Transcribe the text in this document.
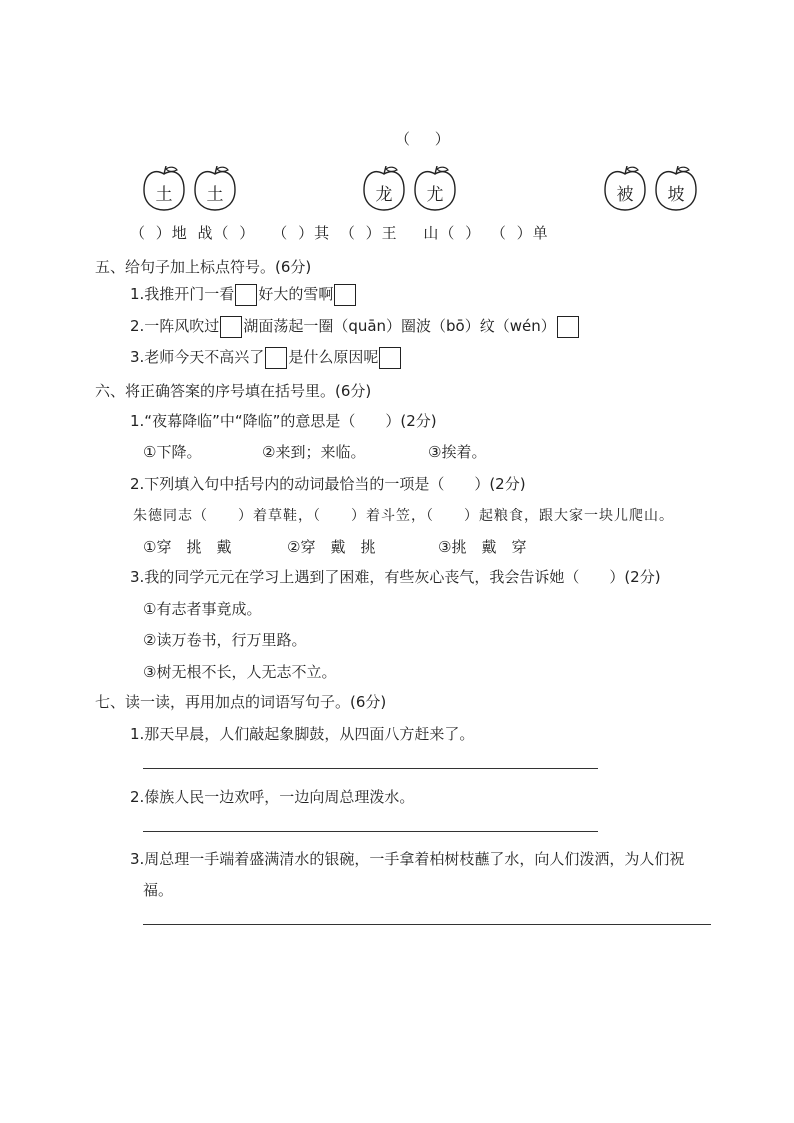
（ ）
土	土	龙	尤	被	坡
（ ）地 战（ ）　　（ ）其 （ ）王 　山（ ） （ ）单
五、给句子加上标点符号。(6分)
1.我推开门一看 好大的雪啊
2.一阵风吹过 湖面荡起一圈（quān）圈波（bō）纹（wén）
3.老师今天不高兴了 是什么原因呢
六、将正确答案的序号填在括号里。(6分)
1.“夜幕降临”中“降临”的意思是（　　）(2分)
①下降。	②来到；来临。	③挨着。
2.下列填入句中括号内的动词最恰当的一项是（　　）(2分)
朱德同志（　　）着草鞋，（　　）着斗笠，（　　）起粮食，跟大家一块儿爬山。
①穿　挑　戴	②穿　戴　挑	③挑　戴　穿
3.我的同学元元在学习上遇到了困难，有些灰心丧气，我会告诉她（　　）(2分)
①有志者事竟成。
②读万卷书，行万里路。
③树无根不长，人无志不立。
七、读一读，再用加点的词语写句子。(6分)
1.那天早晨，人们敲起象脚鼓，从四面八方赶来了。
2.傣族人民一边欢呼，一边向周总理泼水。
3.周总理一手端着盛满清水的银碗，一手拿着柏树枝蘸了水，向人们泼洒，为人们祝
福。
